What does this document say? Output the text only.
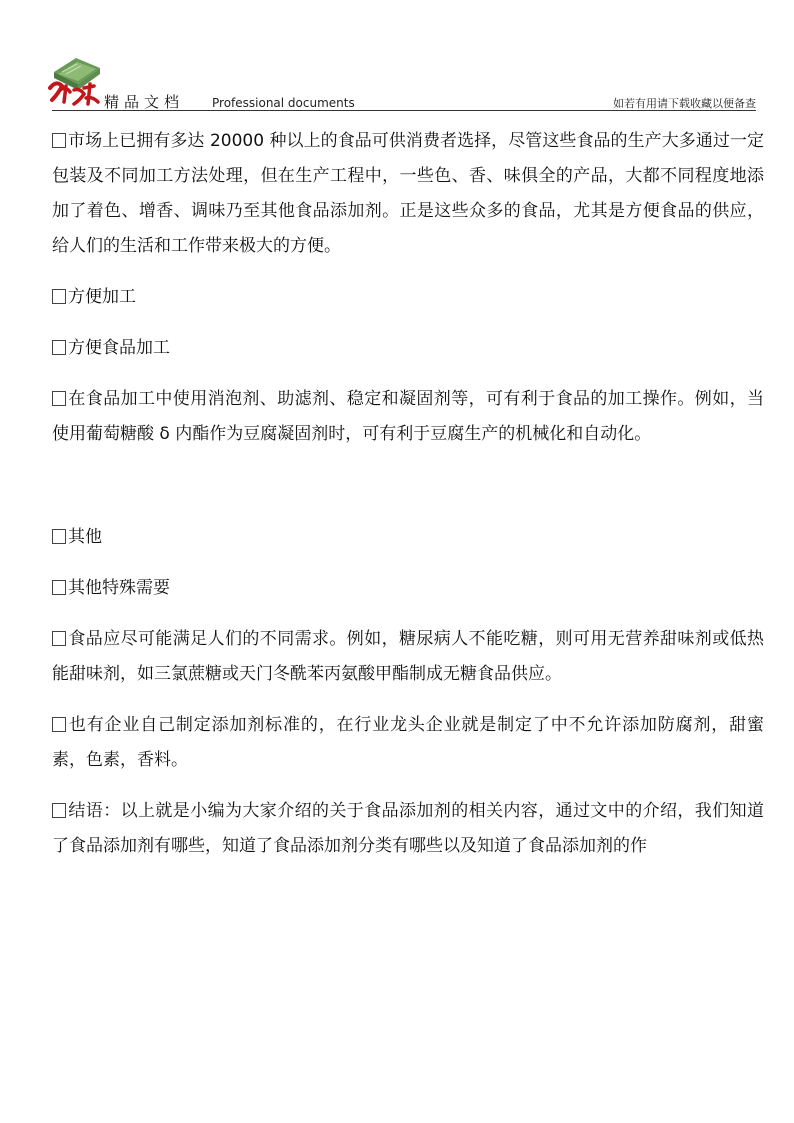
精品文档 Professional documents	如若有用请下载收藏以便备查

市场上已拥有多达 20000 种以上的食品可供消费者选择，尽管这些食品的生产大多通过一定包装及不同加工方法处理，但在生产工程中，一些色、香、味俱全的产品，大都不同程度地添加了着色、增香、调味乃至其他食品添加剂。正是这些众多的食品，尤其是方便食品的供应，给人们的生活和工作带来极大的方便。

方便加工

方便食品加工

在食品加工中使用消泡剂、助滤剂、稳定和凝固剂等，可有利于食品的加工操作。例如，当使用葡萄糖酸 δ 内酯作为豆腐凝固剂时，可有利于豆腐生产的机械化和自动化。

其他

其他特殊需要

食品应尽可能满足人们的不同需求。例如，糖尿病人不能吃糖，则可用无营养甜味剂或低热能甜味剂，如三氯蔗糖或天门冬酰苯丙氨酸甲酯制成无糖食品供应。

也有企业自己制定添加剂标准的，在行业龙头企业就是制定了中不允许添加防腐剂，甜蜜素，色素，香料。

结语：以上就是小编为大家介绍的关于食品添加剂的相关内容，通过文中的介绍，我们知道了食品添加剂有哪些，知道了食品添加剂分类有哪些以及知道了食品添加剂的作
